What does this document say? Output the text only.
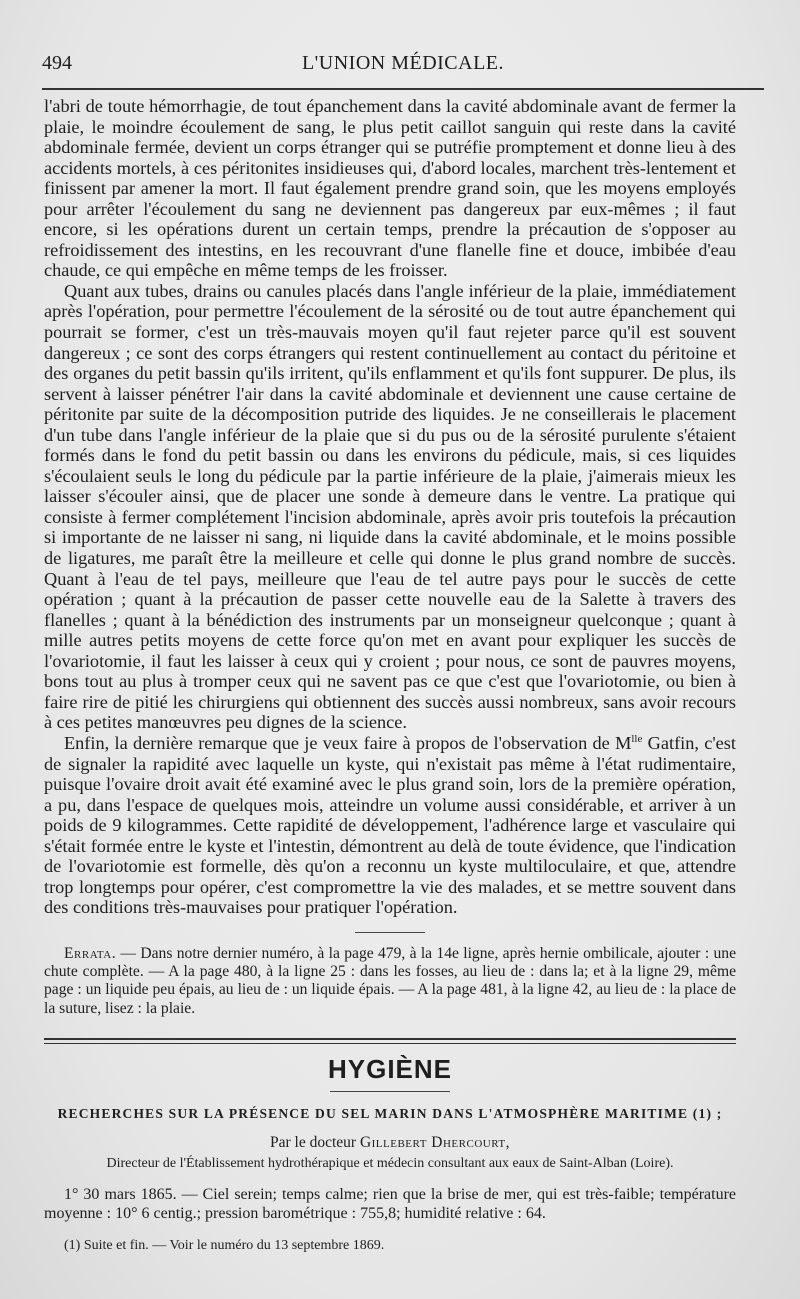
494	L'UNION MÉDICALE.

l'abri de toute hémorrhagie, de tout épanchement dans la cavité abdominale avant de fermer la plaie, le moindre écoulement de sang, le plus petit caillot sanguin qui reste dans la cavité abdominale fermée, devient un corps étranger qui se putréfie promptement et donne lieu à des accidents mortels, à ces péritonites insidieuses qui, d'abord locales, marchent très-lentement et finissent par amener la mort. Il faut également prendre grand soin, que les moyens employés pour arrêter l'écoulement du sang ne deviennent pas dangereux par eux-mêmes ; il faut encore, si les opérations durent un certain temps, prendre la précaution de s'opposer au refroidissement des intestins, en les recouvrant d'une flanelle fine et douce, imbibée d'eau chaude, ce qui empêche en même temps de les froisser.

Quant aux tubes, drains ou canules placés dans l'angle inférieur de la plaie, immédiatement après l'opération, pour permettre l'écoulement de la sérosité ou de tout autre épanchement qui pourrait se former, c'est un très-mauvais moyen qu'il faut rejeter parce qu'il est souvent dangereux ; ce sont des corps étrangers qui restent continuellement au contact du péritoine et des organes du petit bassin qu'ils irritent, qu'ils enflamment et qu'ils font suppurer. De plus, ils servent à laisser pénétrer l'air dans la cavité abdominale et deviennent une cause certaine de péritonite par suite de la décomposition putride des liquides. Je ne conseillerais le placement d'un tube dans l'angle inférieur de la plaie que si du pus ou de la sérosité purulente s'étaient formés dans le fond du petit bassin ou dans les environs du pédicule, mais, si ces liquides s'écoulaient seuls le long du pédicule par la partie inférieure de la plaie, j'aimerais mieux les laisser s'écouler ainsi, que de placer une sonde à demeure dans le ventre. La pratique qui consiste à fermer complétement l'incision abdominale, après avoir pris toutefois la précaution si importante de ne laisser ni sang, ni liquide dans la cavité abdominale, et le moins possible de ligatures, me paraît être la meilleure et celle qui donne le plus grand nombre de succès. Quant à l'eau de tel pays, meilleure que l'eau de tel autre pays pour le succès de cette opération ; quant à la précaution de passer cette nouvelle eau de la Salette à travers des flanelles ; quant à la bénédiction des instruments par un monseigneur quelconque ; quant à mille autres petits moyens de cette force qu'on met en avant pour expliquer les succès de l'ovariotomie, il faut les laisser à ceux qui y croient ; pour nous, ce sont de pauvres moyens, bons tout au plus à tromper ceux qui ne savent pas ce que c'est que l'ovariotomie, ou bien à faire rire de pitié les chirurgiens qui obtiennent des succès aussi nombreux, sans avoir recours à ces petites manœuvres peu dignes de la science.

Enfin, la dernière remarque que je veux faire à propos de l'observation de $M^{lle}$ Gatfin, c'est de signaler la rapidité avec laquelle un kyste, qui n'existait pas même à l'état rudimentaire, puisque l'ovaire droit avait été examiné avec le plus grand soin, lors de la première opération, a pu, dans l'espace de quelques mois, atteindre un volume aussi considérable, et arriver à un poids de 9 kilogrammes. Cette rapidité de développement, l'adhérence large et vasculaire qui s'était formée entre le kyste et l'intestin, démontrent au delà de toute évidence, que l'indication de l'ovariotomie est formelle, dès qu'on a reconnu un kyste multiloculaire, et que, attendre trop longtemps pour opérer, c'est compromettre la vie des malades, et se mettre souvent dans des conditions très-mauvaises pour pratiquer l'opération.

Errata. — Dans notre dernier numéro, à la page 479, à la 14e ligne, après hernie ombilicale, ajouter : une chute complète. — A la page 480, à la ligne 25 : dans les fosses, au lieu de : dans la; et à la ligne 29, même page : un liquide peu épais, au lieu de : un liquide épais. — A la page 481, à la ligne 42, au lieu de : la place de la suture, lisez : la plaie.

HYGIÈNE

RECHERCHES SUR LA PRÉSENCE DU SEL MARIN DANS L'ATMOSPHÈRE MARITIME (1) ;

Par le docteur Gillebert Dhercourt,

Directeur de l'Établissement hydrothérapique et médecin consultant aux eaux de Saint-Alban (Loire).

1° 30 mars 1865. — Ciel serein; temps calme; rien que la brise de mer, qui est très-faible; température moyenne : 10° 6 centig.; pression barométrique : 755,8; humidité relative : 64.

(1) Suite et fin. — Voir le numéro du 13 septembre 1869.
